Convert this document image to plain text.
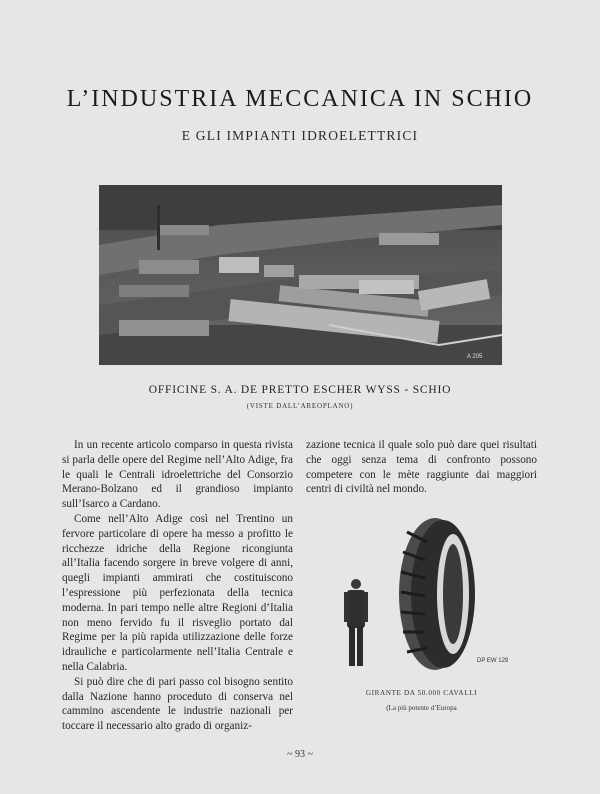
L’INDUSTRIA MECCANICA IN SCHIO
E GLI IMPIANTI IDROELETTRICI
A 205
OFFICINE S. A. DE PRETTO ESCHER WYSS - SCHIO
(VISTE DALL’AREOPLANO)

In un recente articolo comparso in questa rivista si parla delle opere del Regime nell’Alto Adige, fra le quali le Centrali idroelettriche del Consorzio Merano-Bolzano ed il grandioso impianto sull’Isarco a Cardano.

Come nell’Alto Adige così nel Trentino un fervore particolare di opere ha messo a profitto le ricchezze idriche della Regione ricongiunta all’Italia facendo sorgere in breve volgere di anni, quegli impianti ammirati che costituiscono l’espressione più perfezionata della tecnica moderna. In pari tempo nelle altre Regioni d’Italia non meno fervido fu il risveglio portato dal Regime per la più rapida utilizzazione delle forze idrauliche e particolarmente nell’Italia Centrale e nella Calabria.

Si può dire che di pari passo col bisogno sentito dalla Nazione hanno proceduto di conserva nel cammino ascendente le industrie nazionali per toccare il necessario alto grado di organiz-

zazione tecnica il quale solo può dare quei risultati che oggi senza tema di confronto possono competere con le mète raggiunte dai maggiori centri di civiltà nel mondo.

DP EW 129
GIRANTE DA 50.000 CAVALLI
(La più potente d’Europa
~ 93 ~
